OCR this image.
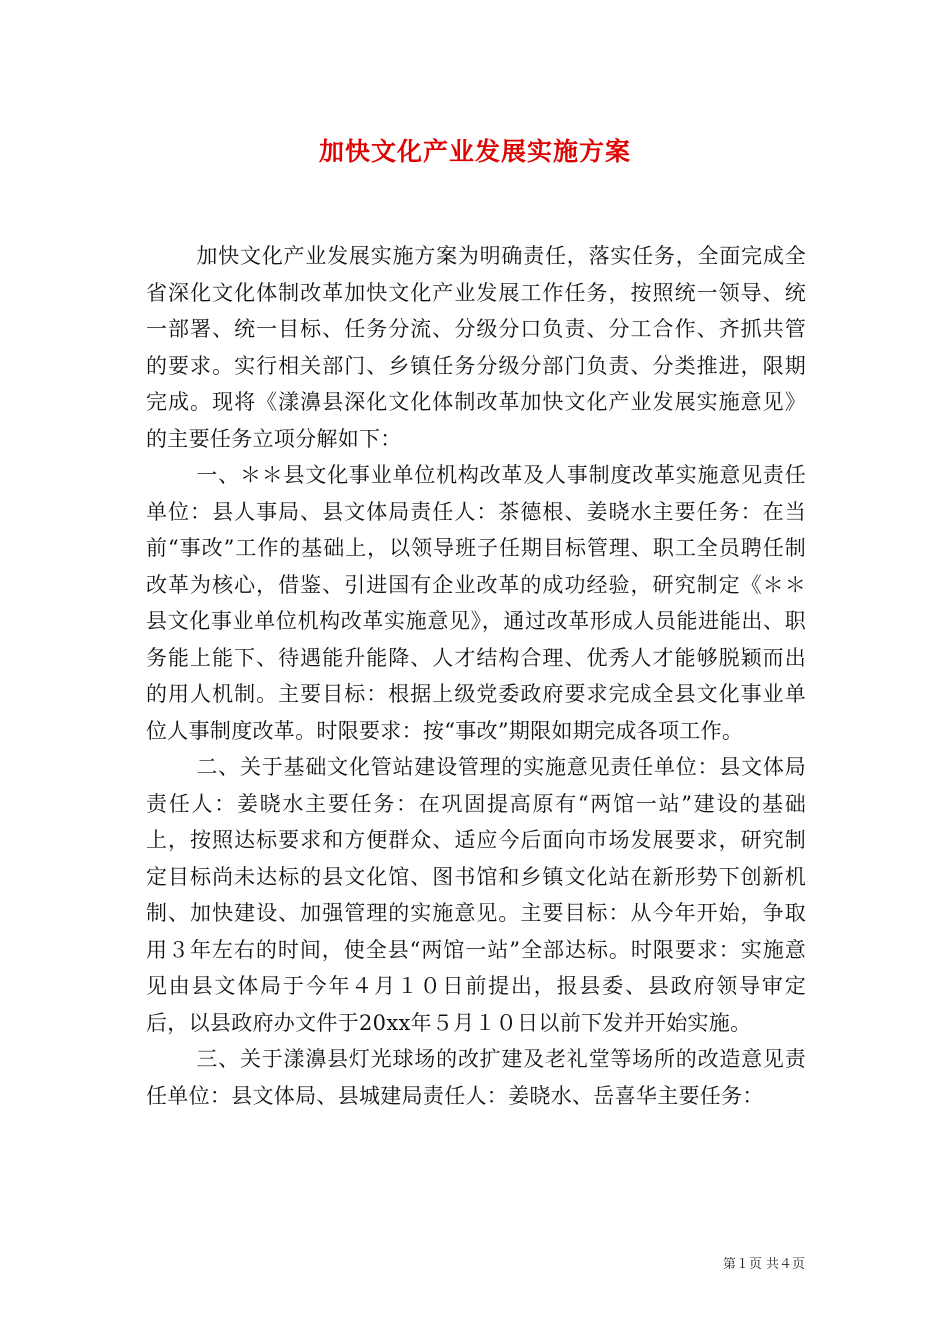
加快文化产业发展实施方案

加快文化产业发展实施方案为明确责任，落实任务，全面完成全省深化文化体制改革加快文化产业发展工作任务，按照统一领导、统一部署、统一目标、任务分流、分级分口负责、分工合作、齐抓共管的要求。实行相关部门、乡镇任务分级分部门负责、分类推进，限期完成。现将《漾濞县深化文化体制改革加快文化产业发展实施意见》的主要任务立项分解如下：

一、＊＊县文化事业单位机构改革及人事制度改革实施意见责任单位：县人事局、县文体局责任人：茶德根、姜晓水主要任务：在当前“事改”工作的基础上，以领导班子任期目标管理、职工全员聘任制改革为核心，借鉴、引进国有企业改革的成功经验，研究制定《＊＊县文化事业单位机构改革实施意见》，通过改革形成人员能进能出、职务能上能下、待遇能升能降、人才结构合理、优秀人才能够脱颖而出的用人机制。主要目标：根据上级党委政府要求完成全县文化事业单位人事制度改革。时限要求：按“事改”期限如期完成各项工作。

二、关于基础文化管站建设管理的实施意见责任单位：县文体局责任人：姜晓水主要任务：在巩固提高原有“两馆一站”建设的基础上，按照达标要求和方便群众、适应今后面向市场发展要求，研究制定目标尚未达标的县文化馆、图书馆和乡镇文化站在新形势下创新机制、加快建设、加强管理的实施意见。主要目标：从今年开始，争取用３年左右的时间，使全县“两馆一站”全部达标。时限要求：实施意见由县文体局于今年４月１０日前提出，报县委、县政府领导审定后，以县政府办文件于20xx年５月１０日以前下发并开始实施。

三、关于漾濞县灯光球场的改扩建及老礼堂等场所的改造意见责任单位：县文体局、县城建局责任人：姜晓水、岳喜华主要任务：

第１页 共４页
